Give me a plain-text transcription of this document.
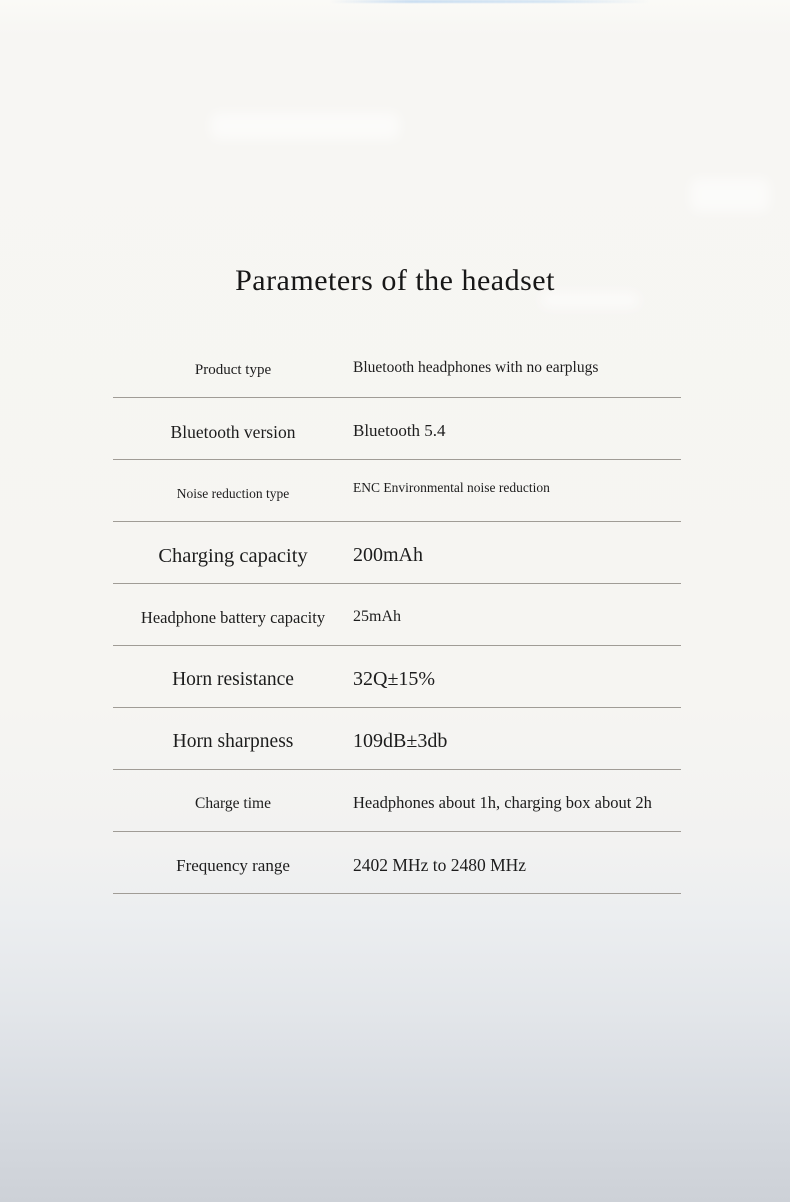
Parameters of the headset
Product type	Bluetooth headphones with no earplugs
Bluetooth version	Bluetooth 5.4
Noise reduction type	ENC Environmental noise reduction
Charging capacity	200mAh
Headphone battery capacity	25mAh
Horn resistance	32Q±15%
Horn sharpness	109dB±3db
Charge time	Headphones about 1h, charging box about 2h
Frequency range	2402 MHz to 2480 MHz
